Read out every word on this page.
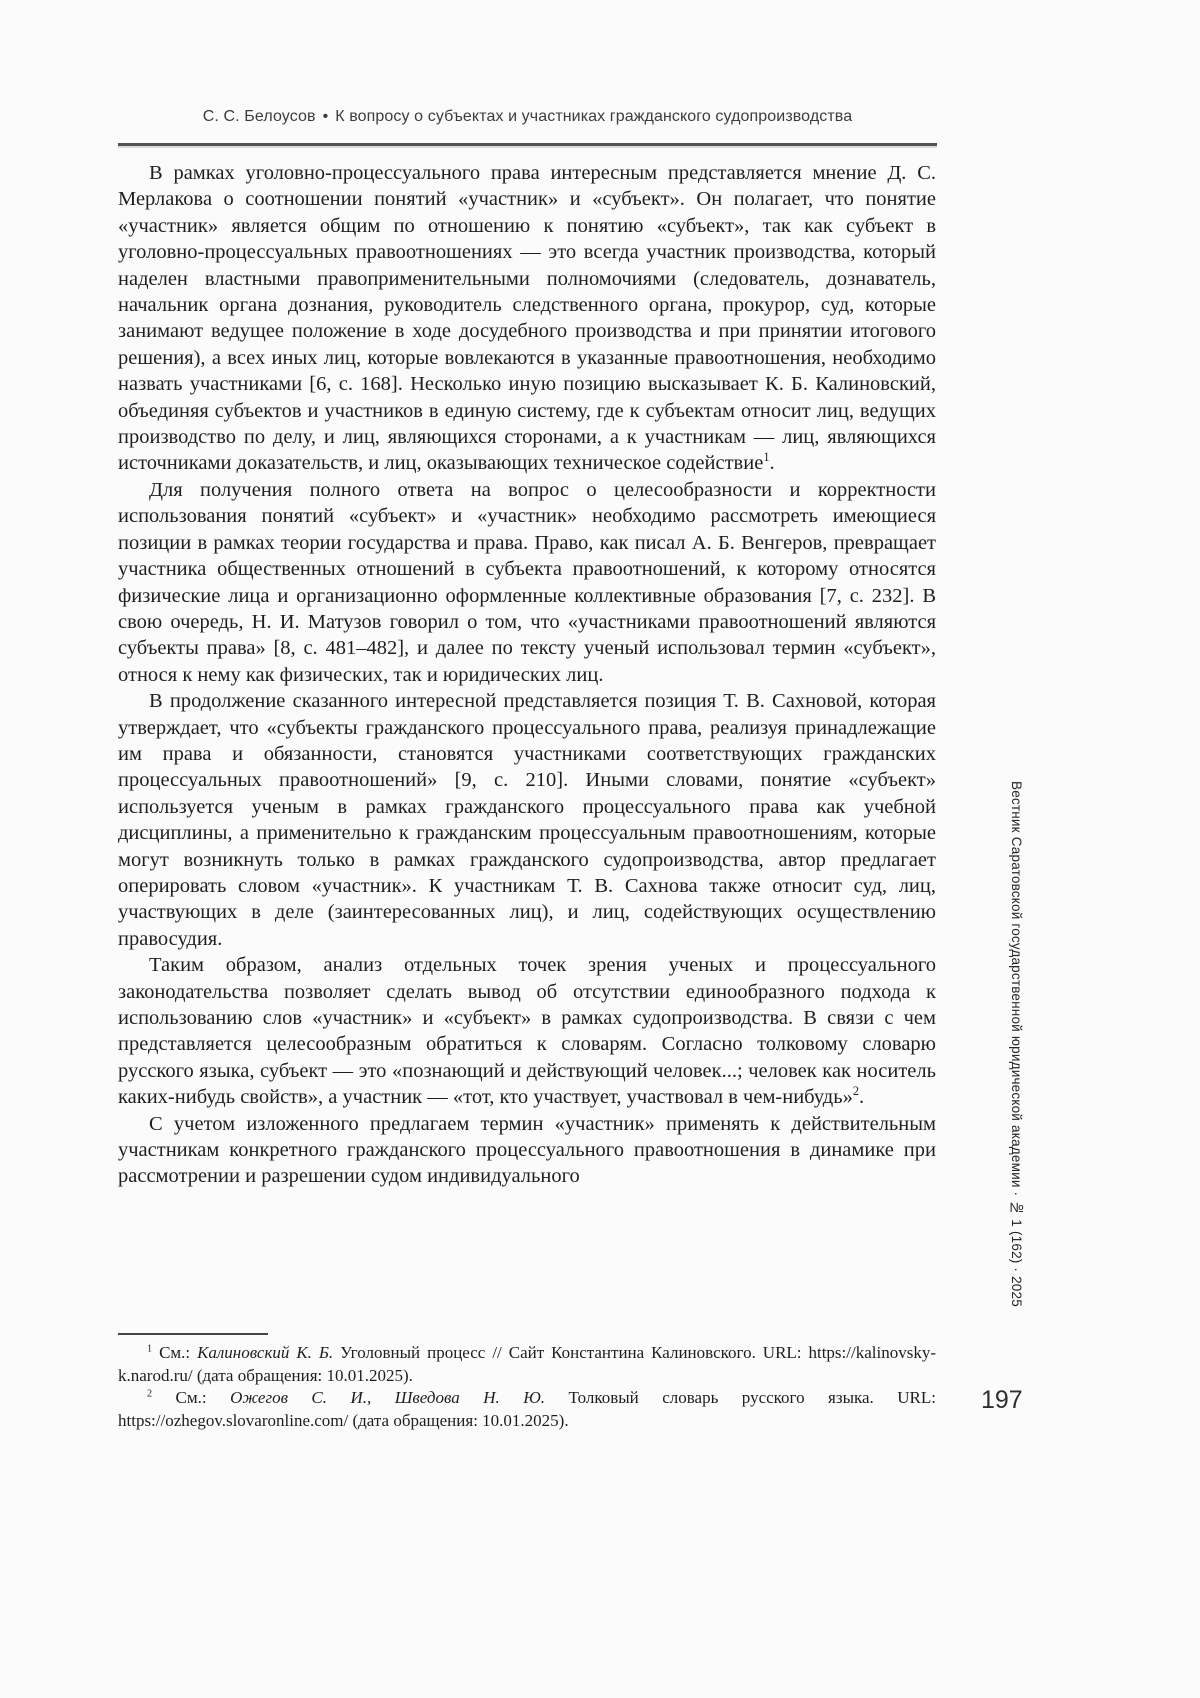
С. С. Белоусов • К вопросу о субъектах и участниках гражданского судопроизводства

В рамках уголовно-процессуального права интересным представляется мнение Д. С. Мерлакова о соотношении понятий «участник» и «субъект». Он полагает, что понятие «участник» является общим по отношению к понятию «субъект», так как субъект в уголовно-процессуальных правоотношениях — это всегда участник производства, который наделен властными правоприменительными полномочиями (следователь, дознаватель, начальник органа дознания, руководитель следственного органа, прокурор, суд, которые занимают ведущее положение в ходе досудебного производства и при принятии итогового решения), а всех иных лиц, которые вовлекаются в указанные правоотношения, необходимо назвать участниками [6, с. 168]. Несколько иную позицию высказывает К. Б. Калиновский, объединяя субъектов и участников в единую систему, где к субъектам относит лиц, ведущих производство по делу, и лиц, являющихся сторонами, а к участникам — лиц, являющихся источниками доказательств, и лиц, оказывающих техническое содействие$^1$.

Для получения полного ответа на вопрос о целесообразности и корректности использования понятий «субъект» и «участник» необходимо рассмотреть имеющиеся позиции в рамках теории государства и права. Право, как писал А. Б. Венгеров, превращает участника общественных отношений в субъекта правоотношений, к которому относятся физические лица и организационно оформленные коллективные образования [7, с. 232]. В свою очередь, Н. И. Матузов говорил о том, что «участниками правоотношений являются субъекты права» [8, с. 481–482], и далее по тексту ученый использовал термин «субъект», относя к нему как физических, так и юридических лиц.

В продолжение сказанного интересной представляется позиция Т. В. Сахновой, которая утверждает, что «субъекты гражданского процессуального права, реализуя принадлежащие им права и обязанности, становятся участниками соответствующих гражданских процессуальных правоотношений» [9, с. 210]. Иными словами, понятие «субъект» используется ученым в рамках гражданского процессуального права как учебной дисциплины, а применительно к гражданским процессуальным правоотношениям, которые могут возникнуть только в рамках гражданского судопроизводства, автор предлагает оперировать словом «участник». К участникам Т. В. Сахнова также относит суд, лиц, участвующих в деле (заинтересованных лиц), и лиц, содействующих осуществлению правосудия.

Таким образом, анализ отдельных точек зрения ученых и процессуального законодательства позволяет сделать вывод об отсутствии единообразного подхода к использованию слов «участник» и «субъект» в рамках судопроизводства. В связи с чем представляется целесообразным обратиться к словарям. Согласно толковому словарю русского языка, субъект — это «познающий и действующий человек...; человек как носитель каких-нибудь свойств», а участник — «тот, кто участвует, участвовал в чем-нибудь»$^2$.

С учетом изложенного предлагаем термин «участник» применять к действительным участникам конкретного гражданского процессуального правоотношения в динамике при рассмотрении и разрешении судом индивидуального

$^1$ См.: Калиновский К. Б. Уголовный процесс // Сайт Константина Калиновского. URL: https://kalinovsky-k.narod.ru/ (дата обращения: 10.01.2025).

$^2$ См.: Ожегов С. И., Шведова Н. Ю. Толковый словарь русского языка. URL: https://ozhegov.slovaronline.com/ (дата обращения: 10.01.2025).

197
Вестник Саратовской государственной юридической академии · № 1 (162) · 2025
